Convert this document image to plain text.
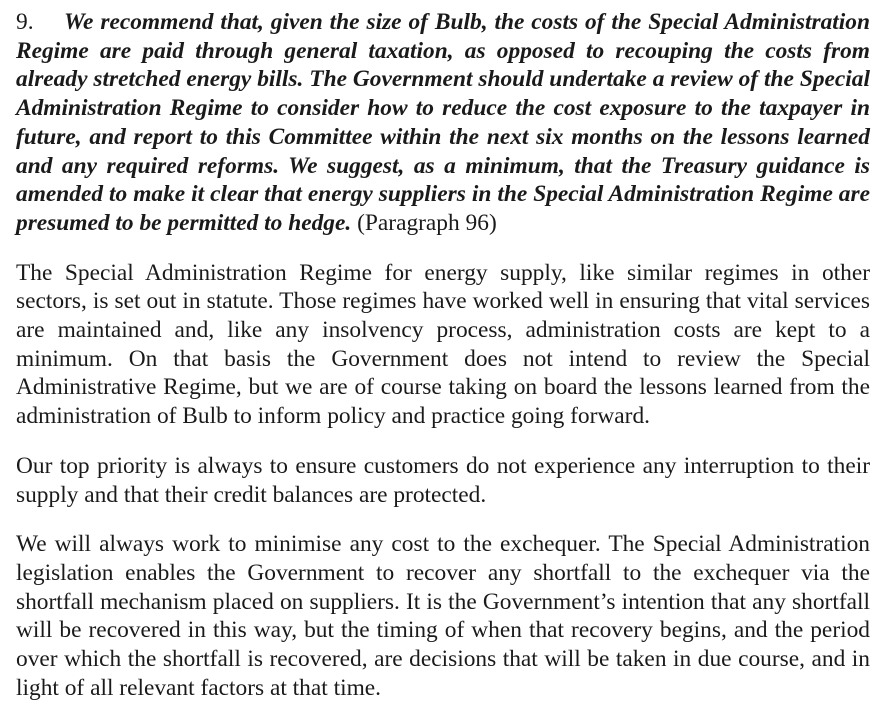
9. We recommend that, given the size of Bulb, the costs of the Special Administration Regime are paid through general taxation, as opposed to recouping the costs from already stretched energy bills. The Government should undertake a review of the Special Administration Regime to consider how to reduce the cost exposure to the taxpayer in future, and report to this Committee within the next six months on the lessons learned and any required reforms. We suggest, as a minimum, that the Treasury guidance is amended to make it clear that energy suppliers in the Special Administration Regime are presumed to be permitted to hedge. (Paragraph 96)

The Special Administration Regime for energy supply, like similar regimes in other sectors, is set out in statute. Those regimes have worked well in ensuring that vital services are maintained and, like any insolvency process, administration costs are kept to a minimum. On that basis the Government does not intend to review the Special Administrative Regime, but we are of course taking on board the lessons learned from the administration of Bulb to inform policy and practice going forward.

Our top priority is always to ensure customers do not experience any interruption to their supply and that their credit balances are protected.

We will always work to minimise any cost to the exchequer. The Special Administration legislation enables the Government to recover any shortfall to the exchequer via the shortfall mechanism placed on suppliers. It is the Government’s intention that any shortfall will be recovered in this way, but the timing of when that recovery begins, and the period over which the shortfall is recovered, are decisions that will be taken in due course, and in light of all relevant factors at that time.
